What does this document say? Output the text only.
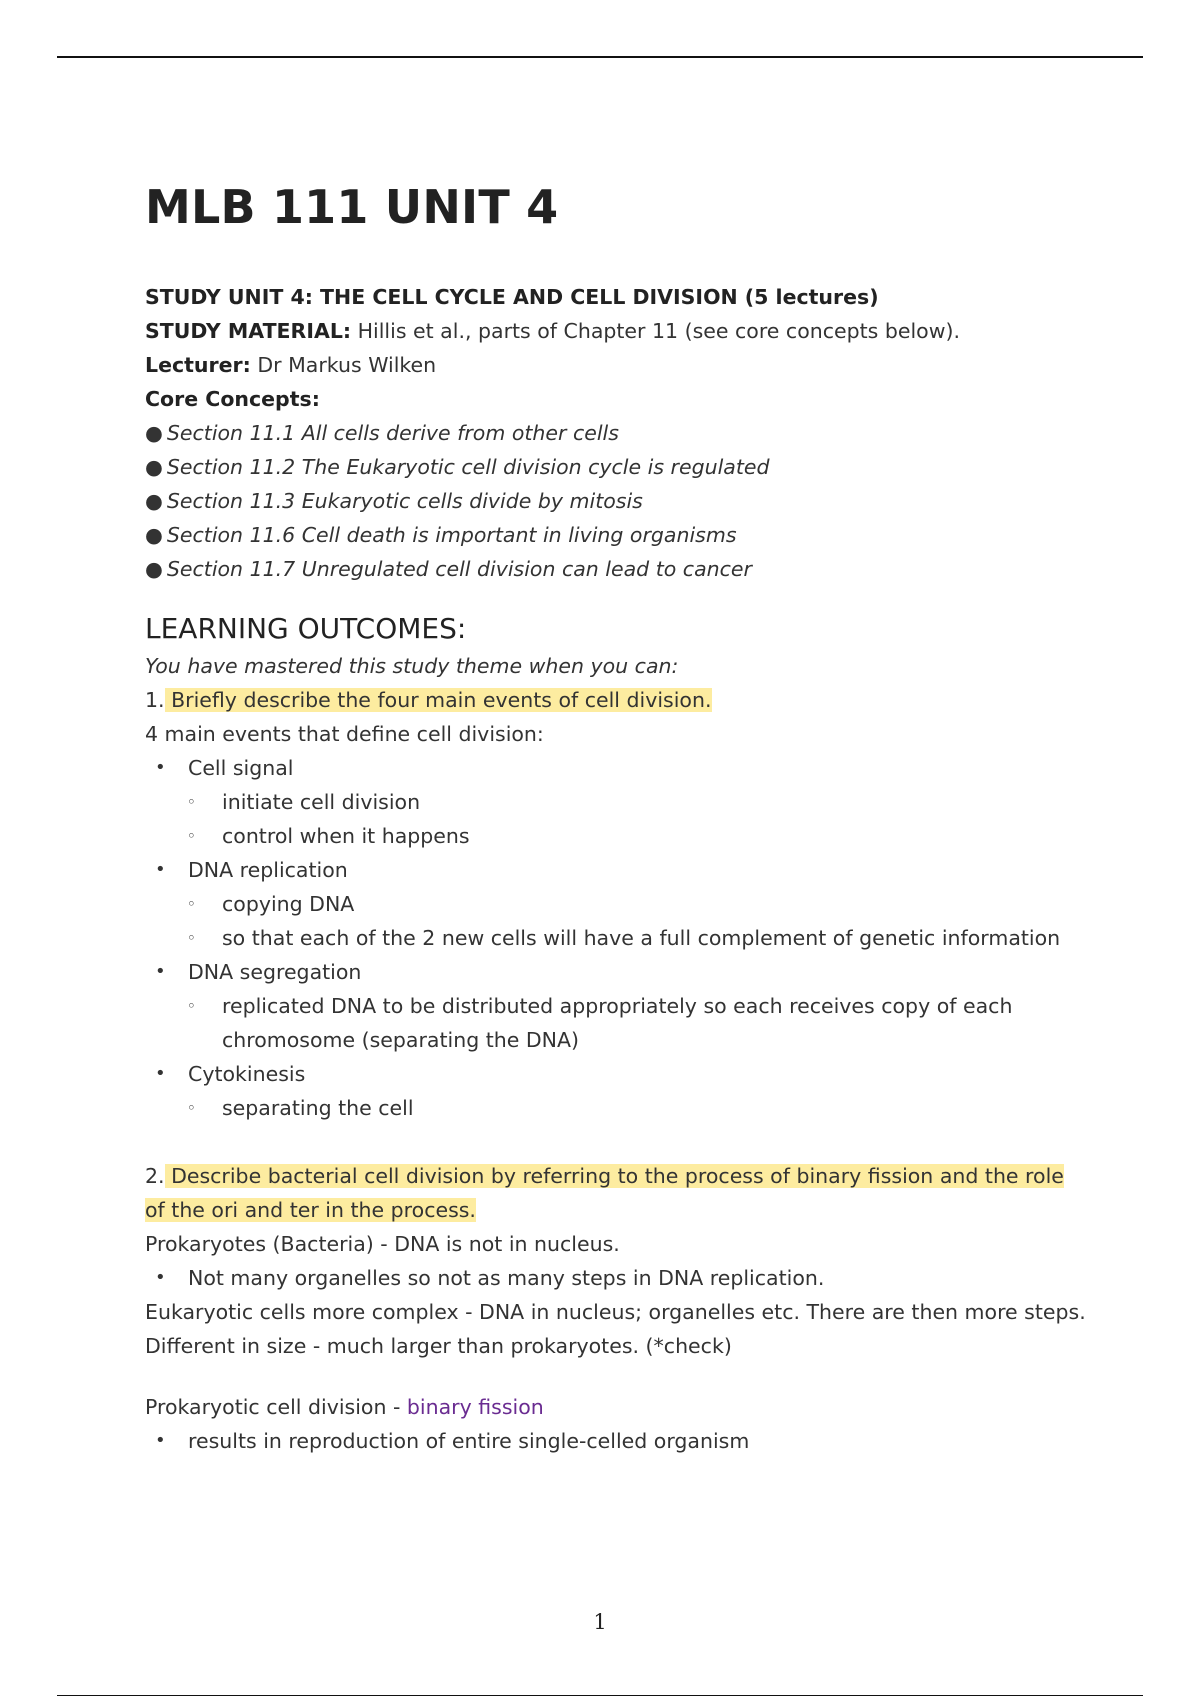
MLB 111 UNIT 4
STUDY UNIT 4: THE CELL CYCLE AND CELL DIVISION (5 lectures)
STUDY MATERIAL: Hillis et al., parts of Chapter 11 (see core concepts below).
Lecturer: Dr Markus Wilken
Core Concepts:
● Section 11.1 All cells derive from other cells
● Section 11.2 The Eukaryotic cell division cycle is regulated
● Section 11.3 Eukaryotic cells divide by mitosis
● Section 11.6 Cell death is important in living organisms
● Section 11.7 Unregulated cell division can lead to cancer
LEARNING OUTCOMES:
You have mastered this study theme when you can:
1. Briefly describe the four main events of cell division.
4 main events that define cell division:
• Cell signal
◦ initiate cell division
◦ control when it happens
• DNA replication
◦ copying DNA
◦ so that each of the 2 new cells will have a full complement of genetic information
• DNA segregation
◦ replicated DNA to be distributed appropriately so each receives copy of each
chromosome (separating the DNA)
• Cytokinesis
◦ separating the cell
2. Describe bacterial cell division by referring to the process of binary fission and the role
of the ori and ter in the process.
Prokaryotes (Bacteria) - DNA is not in nucleus.
• Not many organelles so not as many steps in DNA replication.
Eukaryotic cells more complex - DNA in nucleus; organelles etc. There are then more steps.
Different in size - much larger than prokaryotes. (*check)
Prokaryotic cell division - binary fission
• results in reproduction of entire single-celled organism
1
